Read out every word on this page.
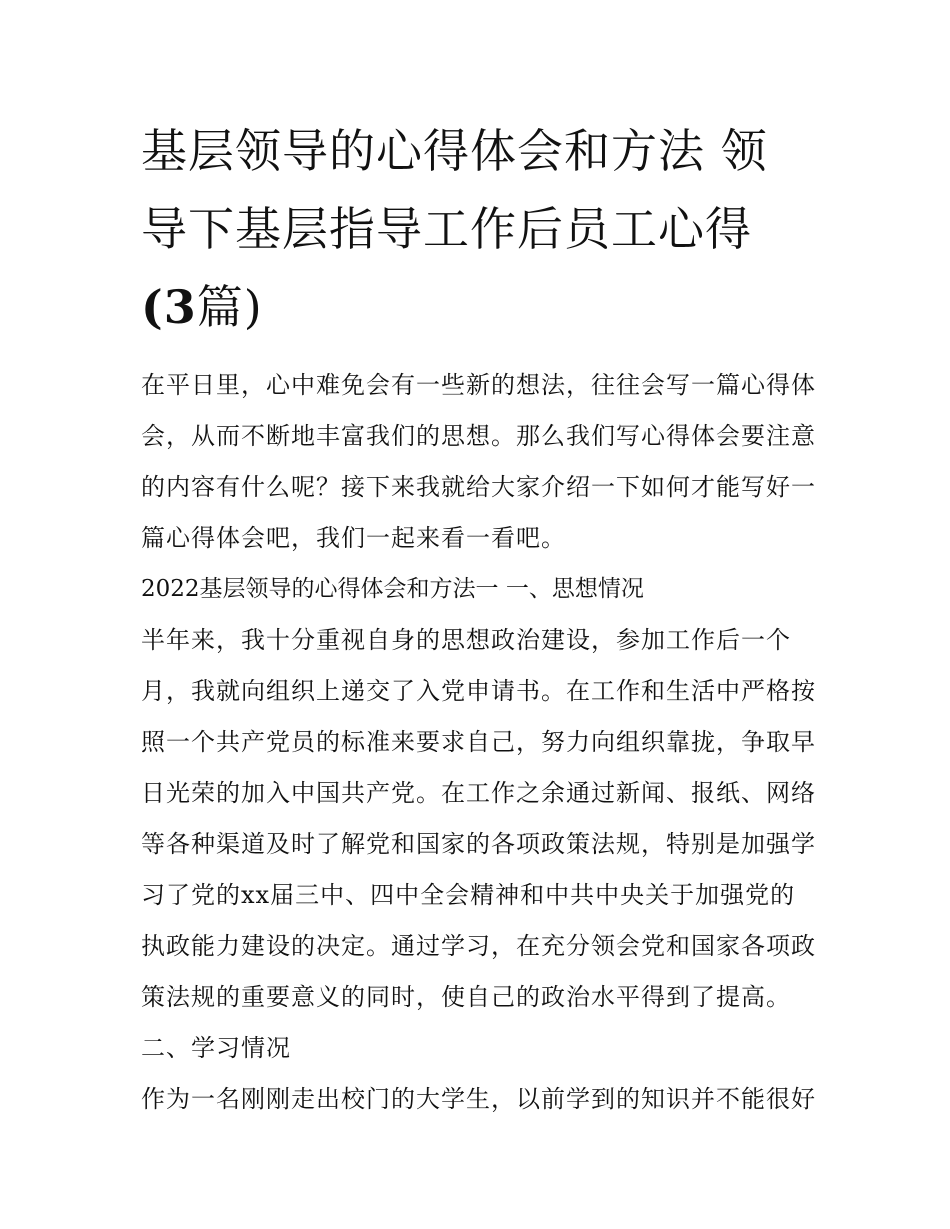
基层领导的心得体会和方法 领
导下基层指导工作后员工心得
(3篇)

在平日里，心中难免会有一些新的想法，往往会写一篇心得体
会，从而不断地丰富我们的思想。那么我们写心得体会要注意
的内容有什么呢？接下来我就给大家介绍一下如何才能写好一
篇心得体会吧，我们一起来看一看吧。

2022基层领导的心得体会和方法一 一、思想情况

半年来，我十分重视自身的思想政治建设，参加工作后一个
月，我就向组织上递交了入党申请书。在工作和生活中严格按
照一个共产党员的标准来要求自己，努力向组织靠拢，争取早
日光荣的加入中国共产党。在工作之余通过新闻、报纸、网络
等各种渠道及时了解党和国家的各项政策法规，特别是加强学
习了党的xx届三中、四中全会精神和中共中央关于加强党的
执政能力建设的决定。通过学习，在充分领会党和国家各项政
策法规的重要意义的同时，使自己的政治水平得到了提高。

二、学习情况

作为一名刚刚走出校门的大学生，以前学到的知识并不能很好
